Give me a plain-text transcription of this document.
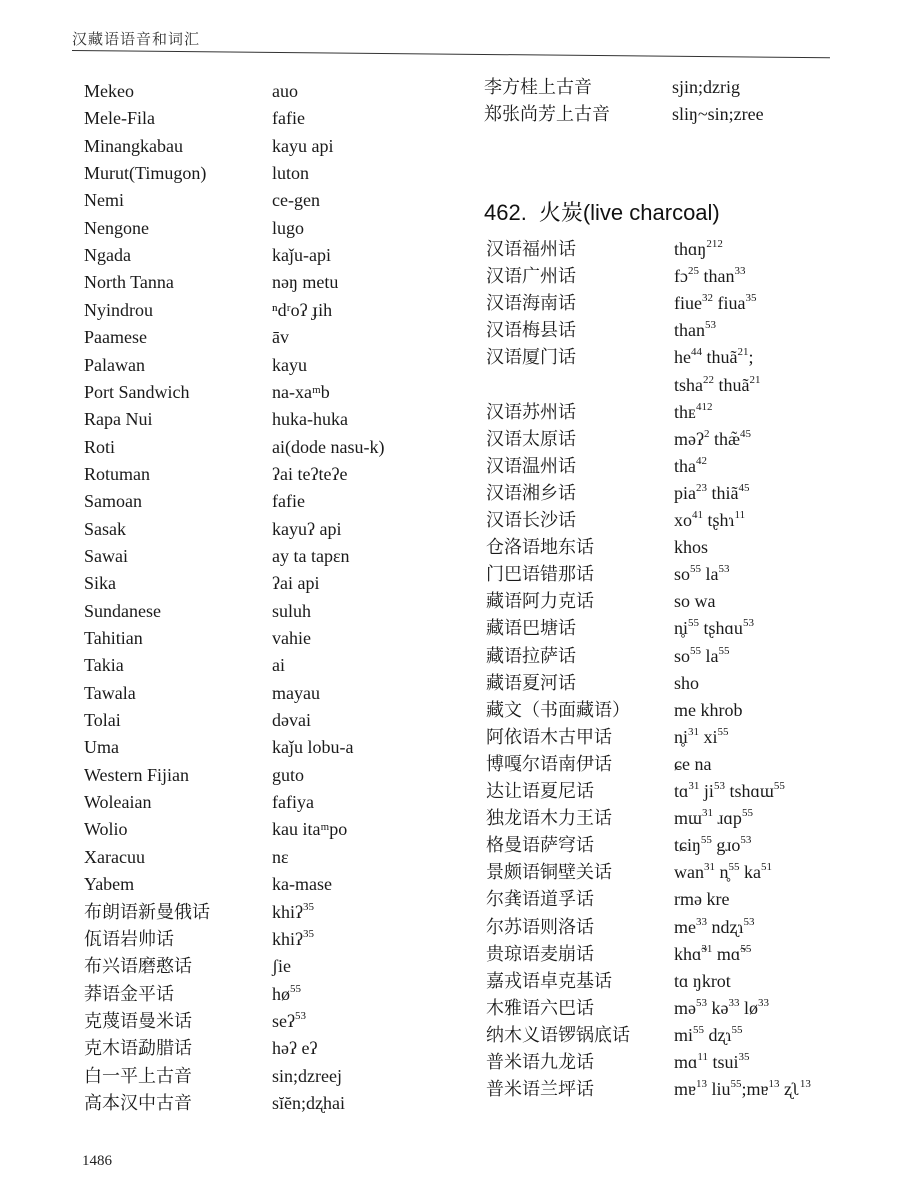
汉藏语语音和词汇
Mekeo	auo
Mele-Fila	fafie
Minangkabau	kayu api
Murut(Timugon)	luton
Nemi	ce-gen
Nengone	lugo
Ngada	kaǰu-api
North Tanna	nəŋ metu
Nyindrou	ⁿdʳoʔ ɟih
Paamese	āv
Palawan	kayu
Port Sandwich	na-xaᵐb
Rapa Nui	huka-huka
Roti	ai(dode nasu-k)
Rotuman	ʔai teʔteʔe
Samoan	fafie
Sasak	kayuʔ api
Sawai	ay ta tapɛn
Sika	ʔai api
Sundanese	suluh
Tahitian	vahie
Takia	ai
Tawala	mayau
Tolai	dəvai
Uma	kaǰu lobu-a
Western Fijian	guto
Woleaian	fafiya
Wolio	kau itaᵐpo
Xaracuu	nɛ
Yabem	ka-mase
布朗语新曼俄话	khiʔ$^{35}$
佤语岩帅话	khiʔ$^{35}$
布兴语磨憨话	ʃie
莽语金平话	$hø^{55}$
克蔑语曼米话	seʔ$^{53}$
克木语勐腊话	həʔ eʔ
白一平上古音	sin;dzreej
高本汉中古音	sĭĕn;dʐhai
李方桂上古音	sjin;dzrig
郑张尚芳上古音	sliŋ~sin;zree
462. 火炭(live charcoal)
汉语福州话	thɑŋ$^{212}$
汉语广州话	fɔ$^{25}$ than$^{33}$
汉语海南话	fiue$^{32}$ fiua$^{35}$
汉语梅县话	than$^{53}$
汉语厦门话	$he^{44}$ thuã$^{21}$;
tsha$^{22}$ thuã$^{21}$
汉语苏州话	thᴇ$^{412}$
汉语太原话	məʔ$^2$ thæ̃$^{45}$
汉语温州话	tha$^{42}$
汉语湘乡话	pia$^{23}$ thiã$^{45}$
汉语长沙话	$xo^{41}$ tʂhɿ$^{11}$
仓洛语地东话	khos
门巴语错那话	$so^{55}$ $la^{53}$
藏语阿力克话	so wa
藏语巴塘话	$n̥i^{55}$ tʂhɑu$^{53}$
藏语拉萨话	$so^{55}$ $la^{55}$
藏语夏河话	sho
藏文（书面藏语） me khrob
阿依语木古甲话	$n̥i^{31}$ $xi^{55}$
博嘎尔语南伊话	ɕe na
达让语夏尼话	tɑ$^{31}$ $ji^{53}$ tshɑɯ$^{55}$
独龙语木力王话	mɯ$^{31}$ ɹɑp$^{55}$
格曼语萨穹话	tɕiŋ$^{55}$ gɹo$^{53}$
景颇语铜壁关话	wan$^{31}$ n̥$^{55}$ $ka^{51}$
尔龚语道孚话	rmə kre
尔苏语则洛话	$me^{33}$ ndʐɿ$^{53}$
贵琼语麦崩话	khɑ̃$^{31}$ mɑ̃$^{55}$
嘉戎语卓克基话	tɑ ŋkrot
木雅语六巴话	mə$^{53}$ kə$^{33}$ $lø^{33}$
纳木义语锣锅底话 $mi^{55}$ dʐɿ$^{55}$
普米语九龙话	mɑ$^{11}$ tsui$^{35}$
普米语兰坪话	mɐ$^{13}$ liu$^{55}$;mɐ$^{13}$ ʐʅ$^{13}$
1486
